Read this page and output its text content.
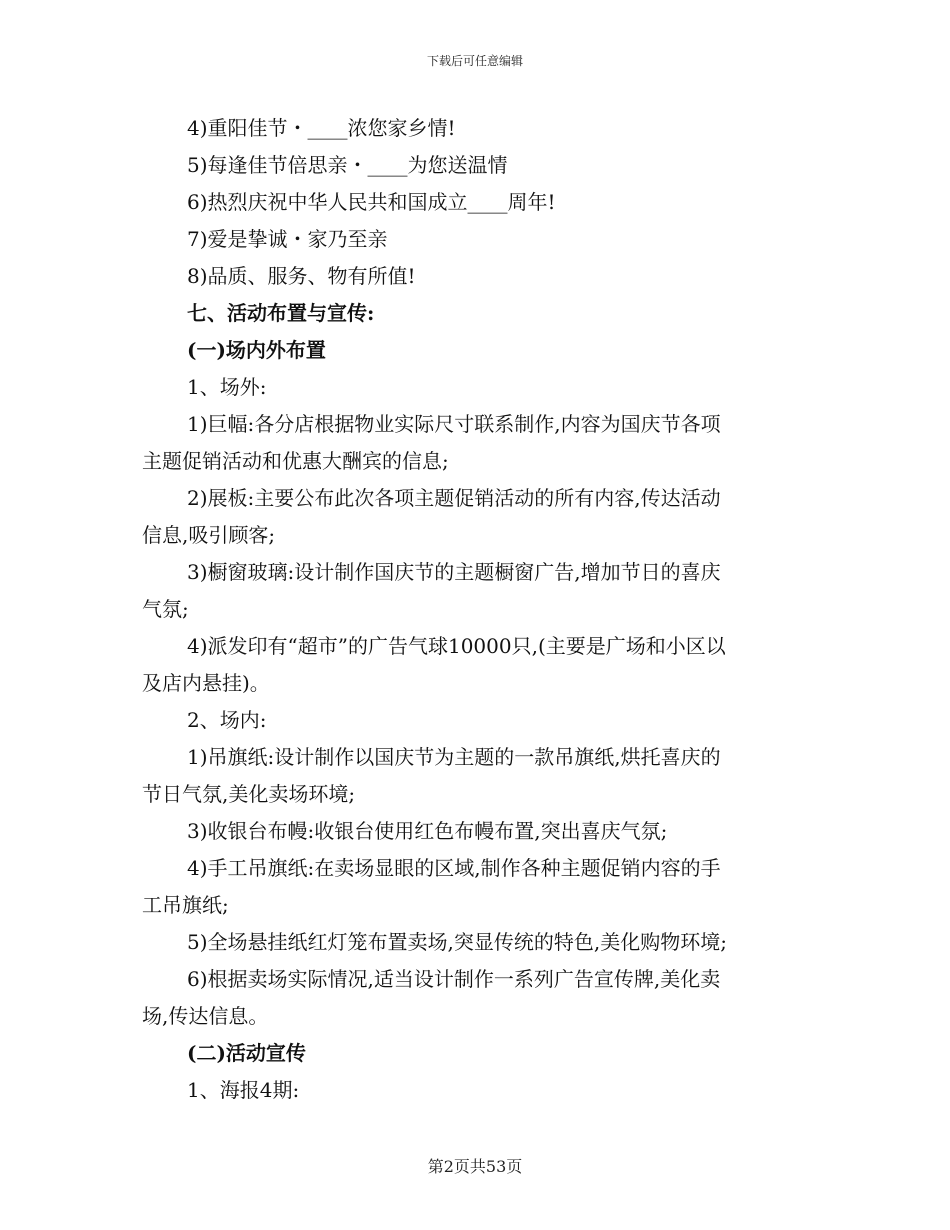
下载后可任意编辑
4)重阳佳节・____浓您家乡情!
5)每逢佳节倍思亲・____为您送温情
6)热烈庆祝中华人民共和国成立____周年!
7)爱是挚诚・家乃至亲
8)品质、服务、物有所值!
七、活动布置与宣传:
(一)场内外布置
1、场外:
1)巨幅:各分店根据物业实际尺寸联系制作,内容为国庆节各项
主题促销活动和优惠大酬宾的信息;
2)展板:主要公布此次各项主题促销活动的所有内容,传达活动
信息,吸引顾客;
3)橱窗玻璃:设计制作国庆节的主题橱窗广告,增加节日的喜庆
气氛;
4)派发印有“超市”的广告气球10000只,(主要是广场和小区以
及店内悬挂)。
2、场内:
1)吊旗纸:设计制作以国庆节为主题的一款吊旗纸,烘托喜庆的
节日气氛,美化卖场环境;
3)收银台布幔:收银台使用红色布幔布置,突出喜庆气氛;
4)手工吊旗纸:在卖场显眼的区域,制作各种主题促销内容的手
工吊旗纸;
5)全场悬挂纸红灯笼布置卖场,突显传统的特色,美化购物环境;
6)根据卖场实际情况,适当设计制作一系列广告宣传牌,美化卖
场,传达信息。
(二)活动宣传
1、海报4期:
第2页共53页
